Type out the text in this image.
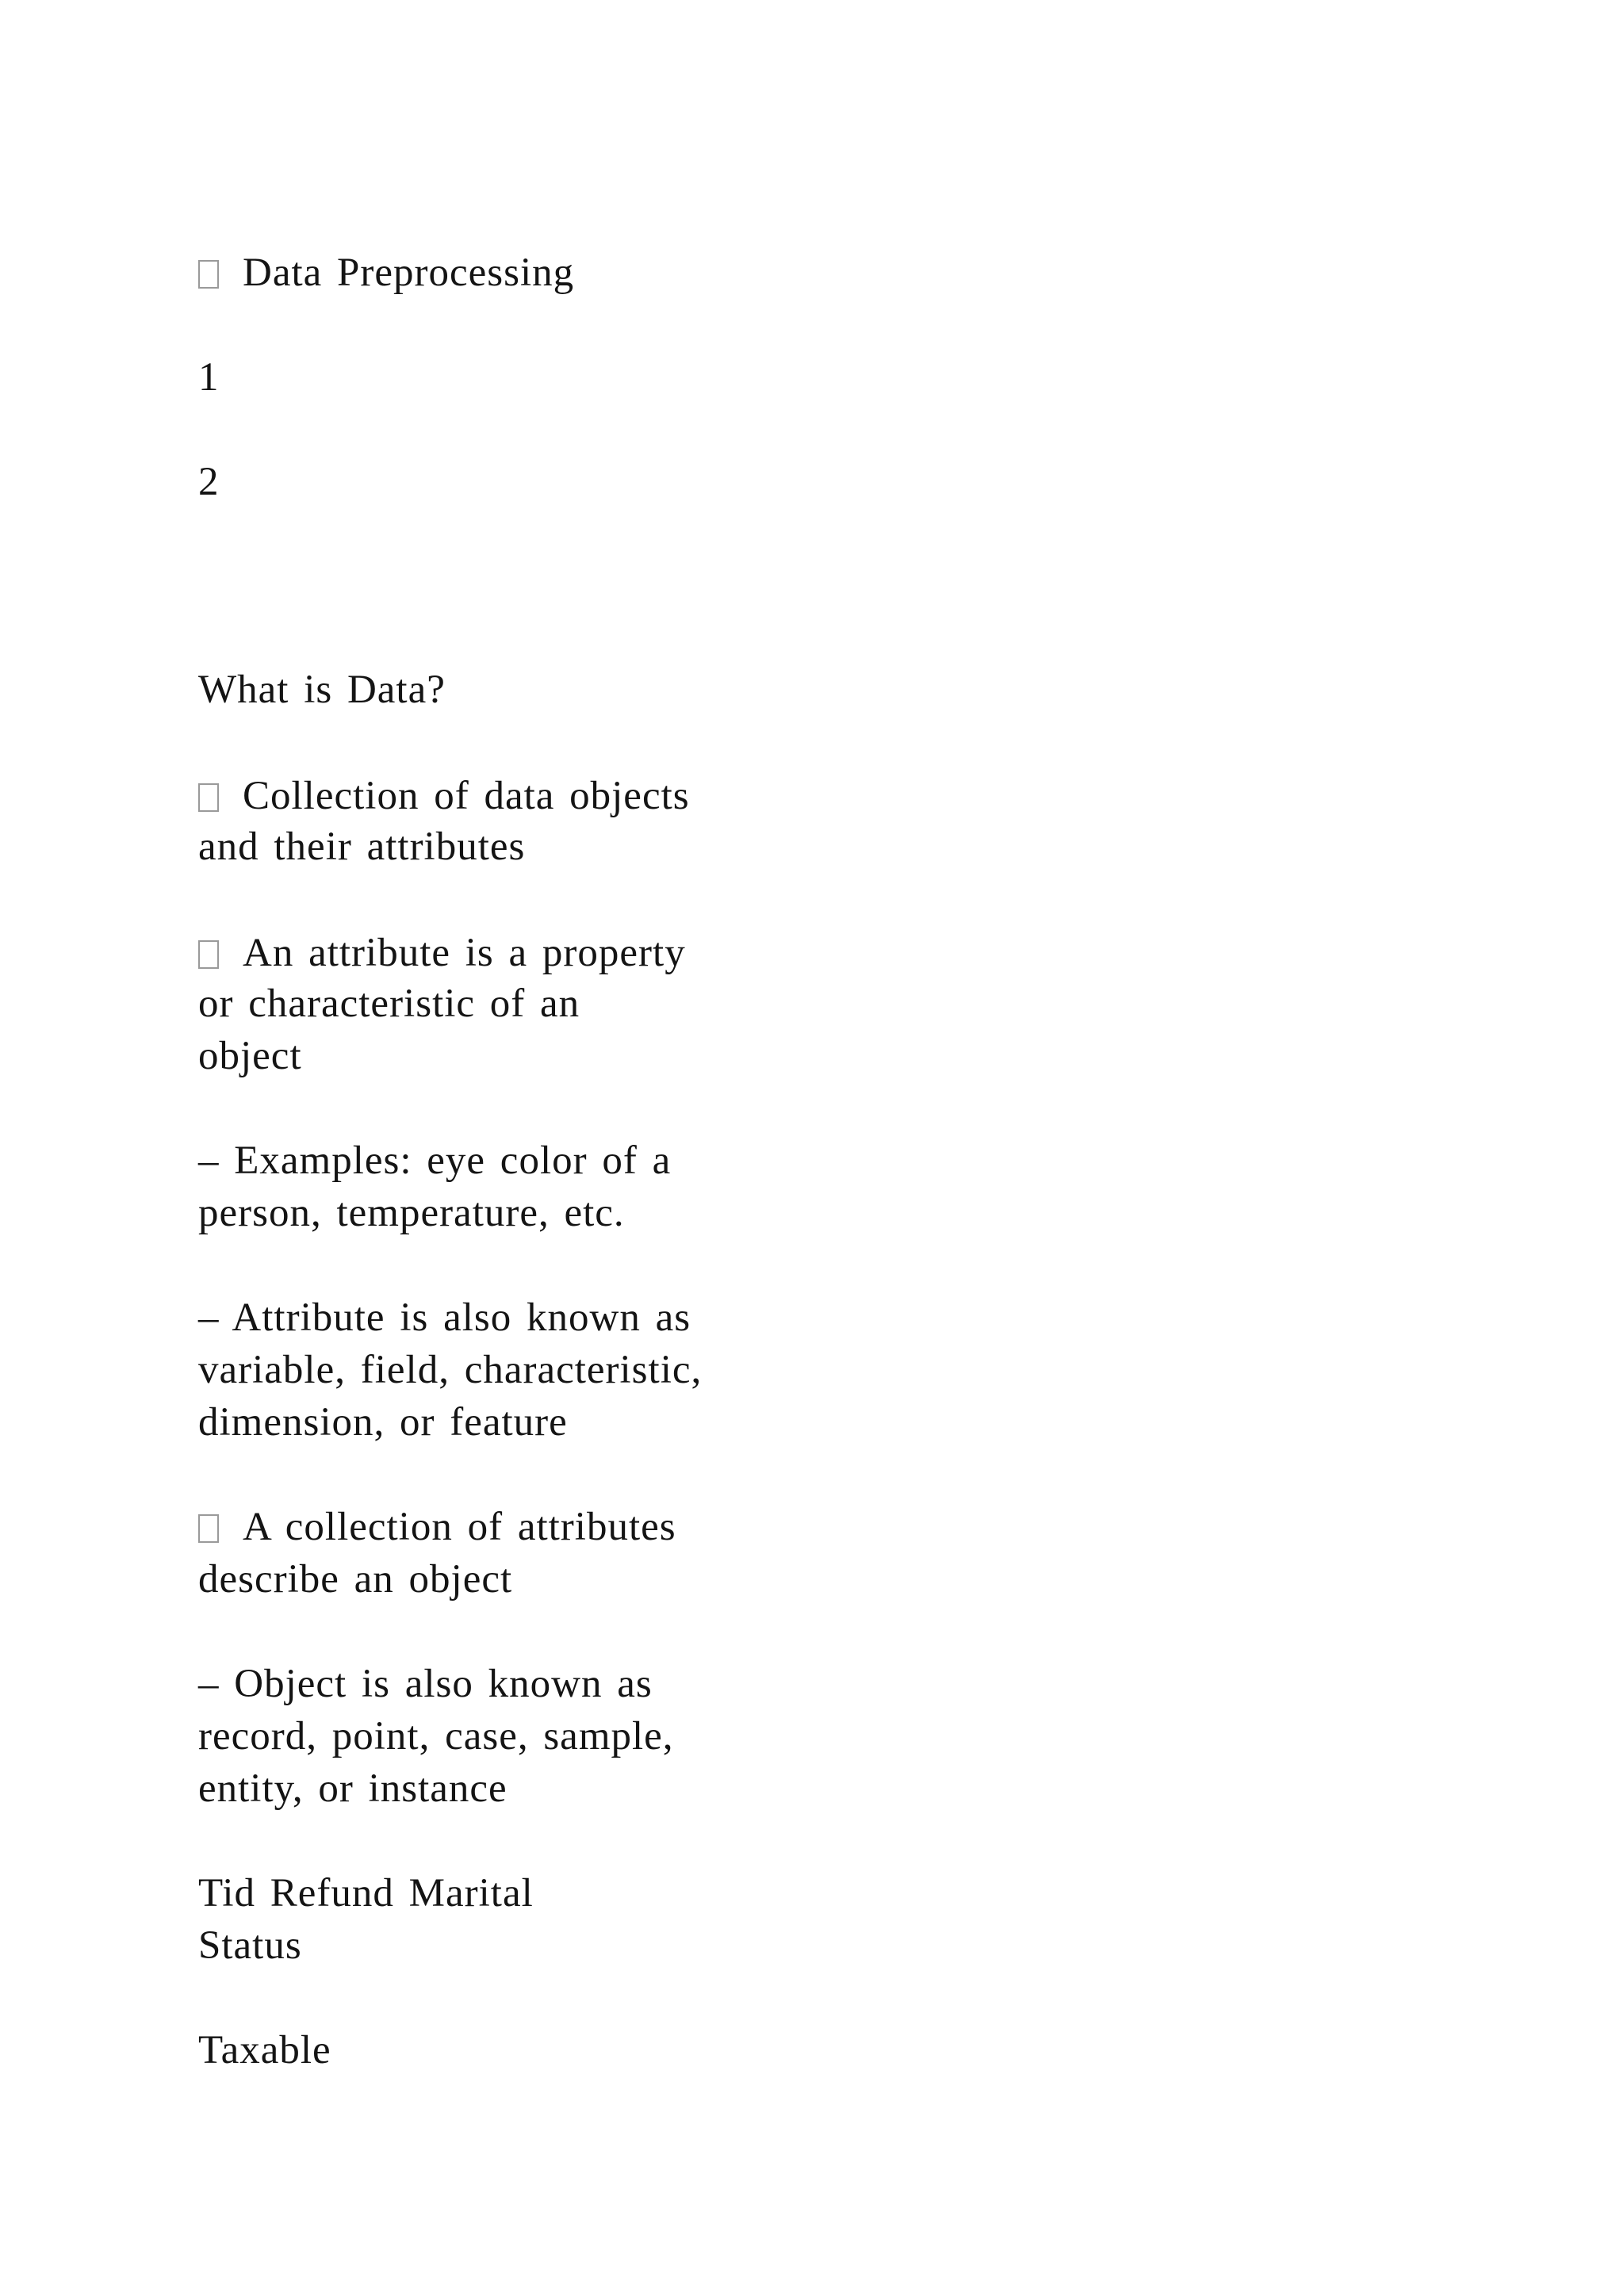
Data Preprocessing
1
2
What is Data?
Collection of data objects
and their attributes
An attribute is a property
or characteristic of an
object
– Examples: eye color of a
person, temperature, etc.
– Attribute is also known as
variable, field, characteristic,
dimension, or feature
A collection of attributes
describe an object
– Object is also known as
record, point, case, sample,
entity, or instance
Tid Refund Marital
Status
Taxable
